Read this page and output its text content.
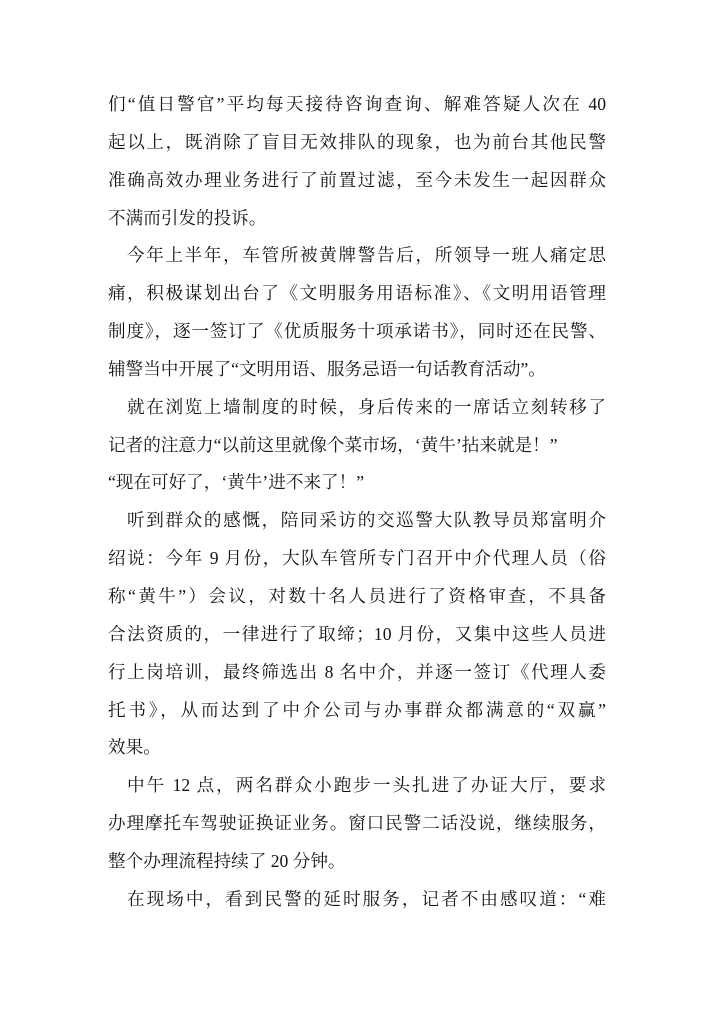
们“值日警官”平均每天接待咨询查询、解难答疑人次在 40
起以上，既消除了盲目无效排队的现象，也为前台其他民警
准确高效办理业务进行了前置过滤，至今未发生一起因群众
不满而引发的投诉。
今年上半年，车管所被黄牌警告后，所领导一班人痛定思
痛，积极谋划出台了《文明服务用语标准》、《文明用语管理
制度》，逐一签订了《优质服务十项承诺书》，同时还在民警、
辅警当中开展了“文明用语、服务忌语一句话教育活动”。
就在浏览上墙制度的时候，身后传来的一席话立刻转移了
记者的注意力“以前这里就像个菜市场，‘黄牛’拈来就是！”
“现在可好了，‘黄牛’进不来了！”
听到群众的感慨，陪同采访的交巡警大队教导员郑富明介
绍说：今年 9 月份，大队车管所专门召开中介代理人员（俗
称“黄牛”）会议，对数十名人员进行了资格审查，不具备
合法资质的，一律进行了取缔；10 月份，又集中这些人员进
行上岗培训，最终筛选出 8 名中介，并逐一签订《代理人委
托书》，从而达到了中介公司与办事群众都满意的“双赢”
效果。
中午 12 点，两名群众小跑步一头扎进了办证大厅，要求
办理摩托车驾驶证换证业务。窗口民警二话没说，继续服务，
整个办理流程持续了 20 分钟。
在现场中，看到民警的延时服务，记者不由感叹道：“难
